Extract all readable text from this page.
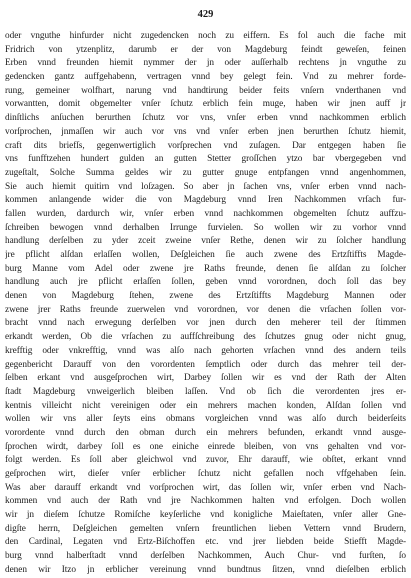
429
oder vnguthe hinfurder nicht zugedencken noch zu eiffern. Es fol auch die fache mit
Fridrich von ytzenplitz, darumb er der von Magdeburg feindt geweſen, feinen
Erben vnnd freunden hiemit nymmer der jn oder auſſerhalb rechtens jn vnguthe zu
gedencken gantz auffgehabenn, vertragen vnnd bey gelegt fein. Vnd zu mehrer forde-
rung, gemeiner wolfhart, narung vnd handtirung beider feits vnſern vnderthanen vnd
vorwantten, domit obgemelter vnſer ſchutz erblich fein muge, haben wir jnen auff jr
dinſtlichs anſuchen berurthen ſchutz vor vns, vnſer erben vnnd nachkommen erblich
vorſprochen, jnmaſſen wir auch vor vns vnd vnſer erben jnen berurthen ſchutz hiemit,
craft dits briefſs, gegenwertiglich vorſprechen vnd zuſagen. Dar entgegen haben ſie
vns funfftzehen hundert gulden an gutten Stetter groſſchen ytzo bar vbergegeben vnd
zugeſtalt, Solche Summa geldes wir zu gutter gnuge entpfangen vnnd angenhommen,
Sie auch hiemit quitirn vnd loſzagen. So aber jn ſachen vns, vnſer erben vnnd nach-
kommen anlangende wider die von Magdeburg vnnd Iren Nachkommen vrſach fur-
fallen wurden, dardurch wir, vnſer erben vnnd nachkommen obgemelten ſchutz auffzu-
ſchreiben bewogen vnnd derhalben Irrunge furvielen. So wollen wir zu vorhor vnnd
handlung derſelben zu yder zceit zweine vnſer Rethe, denen wir zu ſolcher handlung
jre pflicht alſdan erlaſſen wollen, Deſgleichen ſie auch zwene des Ertzſtiffts Magde-
burg Manne vom Adel oder zwene jre Raths freunde, denen ſie alſdan zu ſolcher
handlung auch jre pflicht erlaſſen ſollen, geben vnnd vorordnen, doch ſoll das bey
denen von Magdeburg ſtehen, zwene des Ertzſtiffts Magdeburg Mannen oder
zwene jrer Raths freunde zuerwelen vnd vorordnen, vor denen die vrſachen ſollen vor-
bracht vnnd nach erwegung derſelben vor jnen durch den meherer teil der ſtimmen
erkandt werden, Ob die vrſachen zu auffſchreibung des ſchutzes gnug oder nicht gnug,
krefftig oder vnkrefftig, vnnd was alſo nach gehorten vrſachen vnnd des andern teils
gegenbericht Darauff von den vorordenten ſemptlich oder durch das mehrer teil der-
ſelben erkant vnd ausgeſprochen wirt, Darbey ſollen wir es vnd der Rath der Alten
ſtadt Magdeburg vnweigerlich bleiben laſſen. Vnd ob ſich die verordenten jres er-
kentnis villeicht nicht vereinigen oder ein mehrers machen konden, Alſdan ſollen vnd
wollen wir vns aller ſeyts eins obmans vorgleichen vnnd was alſo durch beiderſeits
vorordente vnnd durch den obman durch ein mehrers befunden, erkandt vnnd ausge-
ſprochen wirdt, darbey ſoll es one einiche einrede bleiben, von vns gehalten vnd vor-
folgt werden. Es ſoll aber gleichwol vnd zuvor, Ehr darauff, wie obſtet, erkant vnnd
geſprochen wirt, dieſer vnſer erblicher ſchutz nicht gefallen noch vffgehaben ſein.
Was aber darauff erkandt vnd vorſprochen wirt, das ſollen wir, vnſer erben vnd Nach-
kommen vnd auch der Rath vnd jre Nachkommen halten vnd erfolgen. Doch wollen
wir jn dieſem ſchutze Romiſche keyſerliche vnd konigliche Maieſtaten, vnſer aller Gne-
digſte herrn, Deſgleichen gemelten vnſern freuntlichen lieben Vettern vnnd Brudern,
den Cardinal, Legaten vnd Ertz-Biſchoffen etc. vnd jrer liebden beide Stiefft Magde-
burg vnnd halberſtadt vnnd derſelben Nachkommen, Auch Chur- vnd furſten, ſo
denen wir Itzo jn erblicher vereinung vnnd bundtnus ſitzen, vnnd dieſelben erblich
